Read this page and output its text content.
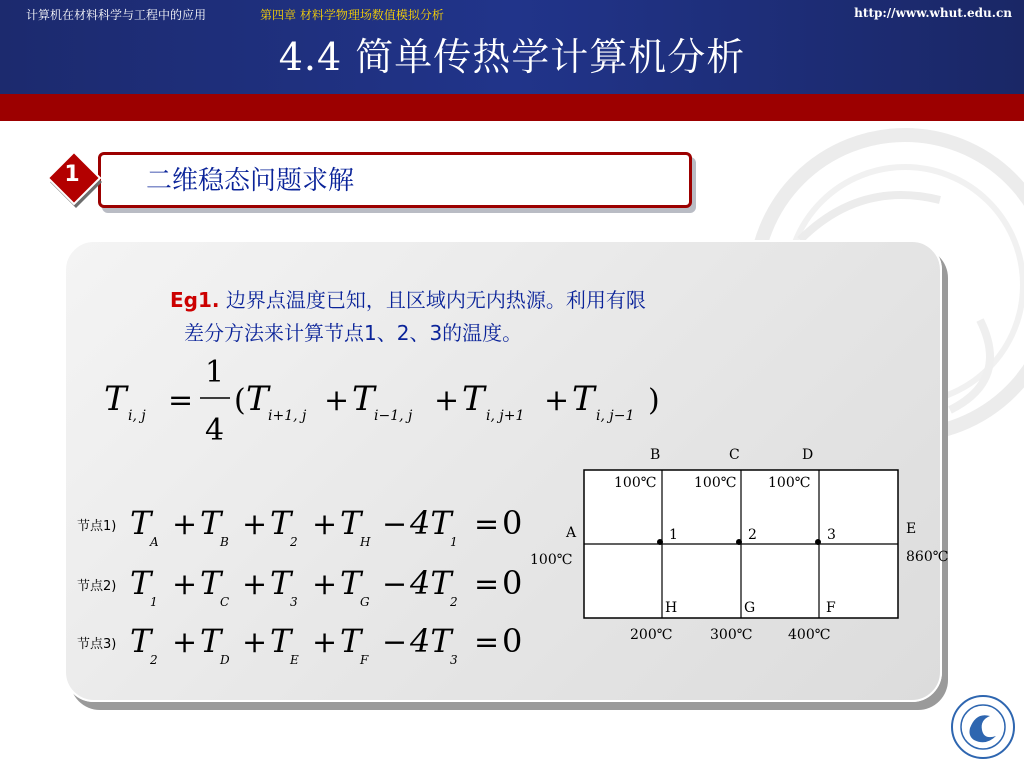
4.4 简单传热学计算机分析
计算机在材料科学与工程中的应用	第四章 材料学物理场数值模拟分析	http://www.whut.edu.cn
1	二维稳态问题求解
Eg1. 边界点温度已知，且区域内无内热源。利用有限
差分方法来计算节点1、2、3的温度。
T i, j =
1
4
( T i+1, j + T i−1, j + T i, j+1 + T i, j−1 )
节点1) T
A + T
B + T
2 + T
H − 4T
1 = 0
节点2) T
1 + T
C + T
3 + T
G − 4T
2 = 0
节点3) T
2 + T
D + T
E + T
F − 4T
3 = 0
B	C	D
100℃	100℃ 100℃
A
100℃
E
860℃
1	2	3
H	G	F
200℃	300℃	400℃
